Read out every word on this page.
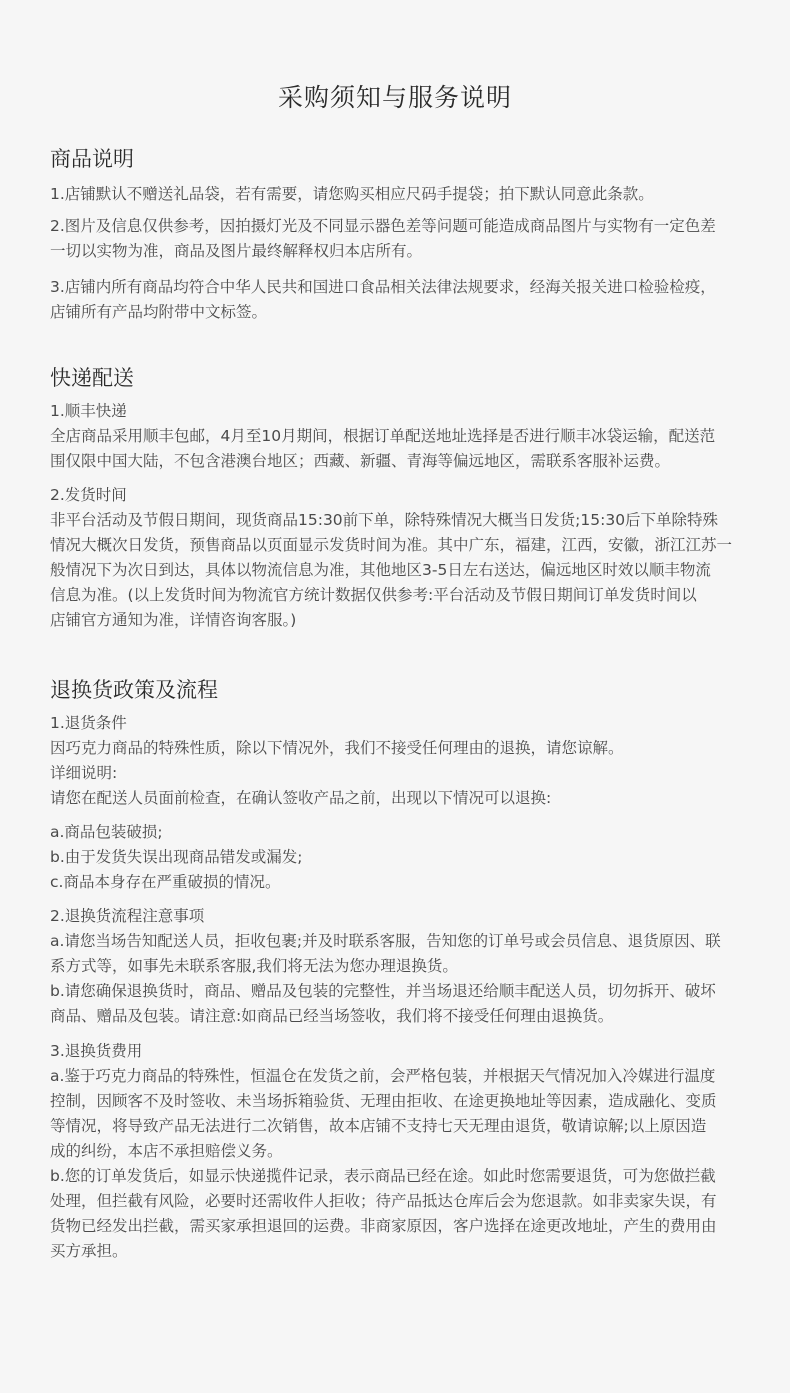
采购须知与服务说明
商品说明
1.店铺默认不赠送礼品袋，若有需要，请您购买相应尺码手提袋；拍下默认同意此条款。
2.图片及信息仅供参考，因拍摄灯光及不同显示器色差等问题可能造成商品图片与实物有一定色差
一切以实物为准，商品及图片最终解释权归本店所有。
3.店铺内所有商品均符合中华人民共和国进口食品相关法律法规要求，经海关报关进口检验检疫，
店铺所有产品均附带中文标签。
快递配送
1.顺丰快递
全店商品采用顺丰包邮，4月至10月期间，根据订单配送地址选择是否进行顺丰冰袋运输，配送范
围仅限中国大陆，不包含港澳台地区；西藏、新疆、青海等偏远地区，需联系客服补运费。
2.发货时间
非平台活动及节假日期间，现货商品15:30前下单，除特殊情况大概当日发货;15:30后下单除特殊
情况大概次日发货，预售商品以页面显示发货时间为准。其中广东，福建，江西，安徽，浙江江苏一
般情况下为次日到达，具体以物流信息为准，其他地区3-5日左右送达，偏远地区时效以顺丰物流
信息为准。(以上发货时间为物流官方统计数据仅供参考:平台活动及节假日期间订单发货时间以
店铺官方通知为准，详情咨询客服。)
退换货政策及流程
1.退货条件
因巧克力商品的特殊性质，除以下情况外，我们不接受任何理由的退换，请您谅解。
详细说明:
请您在配送人员面前检查，在确认签收产品之前，出现以下情况可以退换:
a.商品包装破损;
b.由于发货失误出现商品错发或漏发;
c.商品本身存在严重破损的情况。
2.退换货流程注意事项
a.请您当场告知配送人员，拒收包裹;并及时联系客服，告知您的订单号或会员信息、退货原因、联
系方式等，如事先未联系客服,我们将无法为您办理退换货。
b.请您确保退换货时，商品、赠品及包装的完整性，并当场退还给顺丰配送人员，切勿拆开、破坏
商品、赠品及包装。请注意:如商品已经当场签收，我们将不接受任何理由退换货。
3.退换货费用
a.鉴于巧克力商品的特殊性，恒温仓在发货之前，会严格包装，并根据天气情况加入冷媒进行温度
控制，因顾客不及时签收、未当场拆箱验货、无理由拒收、在途更换地址等因素，造成融化、变质
等情况，将导致产品无法进行二次销售，故本店铺不支持七天无理由退货，敬请谅解;以上原因造
成的纠纷，本店不承担赔偿义务。
b.您的订单发货后，如显示快递揽件记录，表示商品已经在途。如此时您需要退货，可为您做拦截
处理，但拦截有风险，必要时还需收件人拒收；待产品抵达仓库后会为您退款。如非卖家失误，有
货物已经发出拦截，需买家承担退回的运费。非商家原因，客户选择在途更改地址，产生的费用由
买方承担。
